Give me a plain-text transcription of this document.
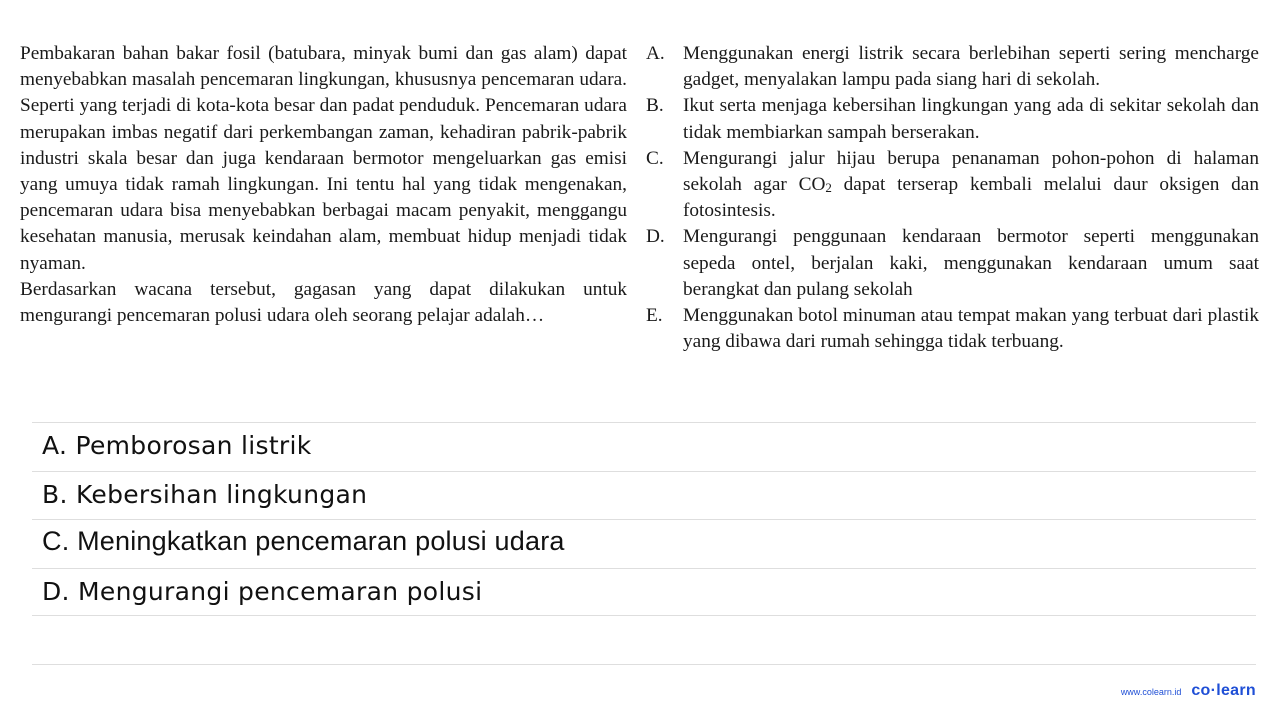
Pembakaran bahan bakar fosil (batubara, minyak bumi dan gas alam) dapat menyebabkan masalah pencemaran lingkungan, khususnya pencemaran udara. Seperti yang terjadi di kota-kota besar dan padat penduduk. Pencemaran udara merupakan imbas negatif dari perkembangan zaman, kehadiran pabrik-pabrik industri skala besar dan juga kendaraan bermotor mengeluarkan gas emisi yang umuya tidak ramah lingkungan. Ini tentu hal yang tidak mengenakan, pencemaran udara bisa menyebabkan berbagai macam penyakit, menggangu kesehatan manusia, merusak keindahan alam, membuat hidup menjadi tidak nyaman.

Berdasarkan wacana tersebut, gagasan yang dapat dilakukan untuk mengurangi pencemaran polusi udara oleh seorang pelajar adalah…

A. Menggunakan energi listrik secara berlebihan seperti sering mencharge gadget, menyalakan lampu pada siang hari di sekolah.
B. Ikut serta menjaga kebersihan lingkungan yang ada di sekitar sekolah dan tidak membiarkan sampah berserakan.
C. Mengurangi jalur hijau berupa penanaman pohon-pohon di halaman sekolah agar $CO_2$ dapat terserap kembali melalui daur oksigen dan fotosintesis.
D. Mengurangi penggunaan kendaraan bermotor seperti menggunakan sepeda ontel, berjalan kaki, menggunakan kendaraan umum saat berangkat dan pulang sekolah
E. Menggunakan botol minuman atau tempat makan yang terbuat dari plastik yang dibawa dari rumah sehingga tidak terbuang.
A. Pemborosan listrik
B. Kebersihan lingkungan
C. Meningkatkan pencemaran polusi udara
D. Mengurangi pencemaran polusi
www.colearn.id co·learn
